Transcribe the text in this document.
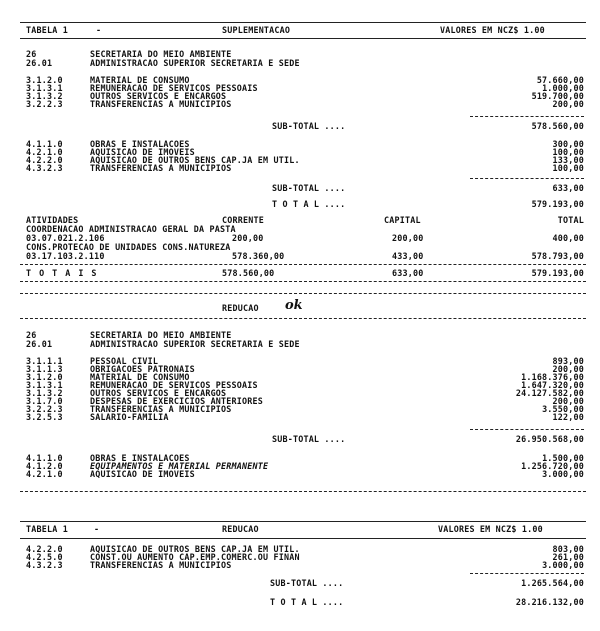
TABELA 1	-	SUPLEMENTACAO	VALORES EM NCZ$ 1.00
26	SECRETARIA DO MEIO AMBIENTE
26.01	ADMINISTRACAO SUPERIOR SECRETARIA E SEDE
3.1.2.0	MATERIAL DE CONSUMO	57.660,00
3.1.3.1	REMUNERACAO DE SERVICOS PESSOAIS	1.000,00
3.1.3.2	OUTROS SERVICOS E ENCARGOS	519.700,00
3.2.2.3	TRANSFERENCIAS A MUNICIPIOS	200,00
SUB-TOTAL ....	578.560,00
4.1.1.0	OBRAS E INSTALACOES	300,00
4.2.1.0	AQUISICAO DE IMOVEIS	100,00
4.2.2.0	AQUISICAO DE OUTROS BENS CAP.JA EM UTIL.	133,00
4.3.2.3	TRANSFERENCIAS A MUNICIPIOS	100,00
SUB-TOTAL ....	633,00
T O T A L ....	579.193,00
ATIVIDADES	CORRENTE	CAPITAL	TOTAL
COORDENACAO ADMINISTRACAO GERAL DA PASTA
03.07.021.2.106	200,00	200,00	400,00
CONS.PROTECAO DE UNIDADES CONS.NATUREZA
03.17.103.2.110	578.360,00	433,00	578.793,00
T O T A I S	578.560,00	633,00	579.193,00
REDUCAO ok
26	SECRETARIA DO MEIO AMBIENTE
26.01	ADMINISTRACAO SUPERIOR SECRETARIA E SEDE
3.1.1.1	PESSOAL CIVIL	893,00
3.1.1.3	OBRIGACOES PATRONAIS	200,00
3.1.2.0	MATERIAL DE CONSUMO	1.168.376,00
3.1.3.1	REMUNERACAO DE SERVICOS PESSOAIS	1.647.320,00
3.1.3.2	OUTROS SERVICOS E ENCARGOS	24.127.582,00
3.1.7.0	DESPESAS DE EXERCICIOS ANTERIORES	200,00
3.2.2.3	TRANSFERENCIAS A MUNICIPIOS	3.550,00
3.2.5.3	SALARIO-FAMILIA	122,00
SUB-TOTAL ....	26.950.568,00
4.1.1.0	OBRAS E INSTALACOES	1.500,00
4.1.2.0	EQUIPAMENTOS E MATERIAL PERMANENTE	1.256.720,00
4.2.1.0	AQUISICAO DE IMOVEIS	3.000,00
TABELA 1	-	REDUCAO	VALORES EM NCZ$ 1.00
4.2.2.0	AQUISICAO DE OUTROS BENS CAP.JA EM UTIL.	803,00
4.2.5.0	CONST.OU AUMENTO CAP.EMP.COMERC.OU FINAN	261,00
4.3.2.3	TRANSFERENCIAS A MUNICIPIOS	3.000,00
SUB-TOTAL ....	1.265.564,00
T O T A L ....	28.216.132,00
